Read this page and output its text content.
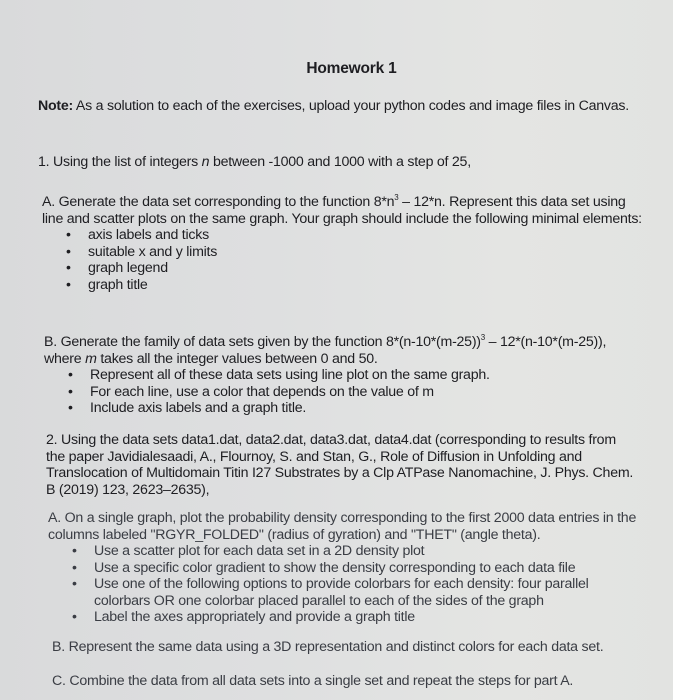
Homework 1
Note: As a solution to each of the exercises, upload your python codes and image files in Canvas.
1. Using the list of integers n between -1000 and 1000 with a step of 25,
A. Generate the data set corresponding to the function $8*n^3 - 12*n$. Represent this data set using line and scatter plots on the same graph. Your graph should include the following minimal elements:
• axis labels and ticks
• suitable x and y limits
• graph legend
• graph title
B. Generate the family of data sets given by the function $8*(n-10*(m-25))^3 - 12*(n-10*(m-25))$, where m takes all the integer values between 0 and 50.
• Represent all of these data sets using line plot on the same graph.
• For each line, use a color that depends on the value of m
• Include axis labels and a graph title.
2. Using the data sets data1.dat, data2.dat, data3.dat, data4.dat (corresponding to results from the paper Javidialesaadi, A., Flournoy, S. and Stan, G., Role of Diffusion in Unfolding and Translocation of Multidomain Titin I27 Substrates by a Clp ATPase Nanomachine, J. Phys. Chem. B (2019) 123, 2623–2635),
A. On a single graph, plot the probability density corresponding to the first 2000 data entries in the columns labeled "RGYR_FOLDED" (radius of gyration) and "THET" (angle theta).
• Use a scatter plot for each data set in a 2D density plot
• Use a specific color gradient to show the density corresponding to each data file
• Use one of the following options to provide colorbars for each density: four parallel colorbars OR one colorbar placed parallel to each of the sides of the graph
• Label the axes appropriately and provide a graph title
B. Represent the same data using a 3D representation and distinct colors for each data set.
C. Combine the data from all data sets into a single set and repeat the steps for part A.
